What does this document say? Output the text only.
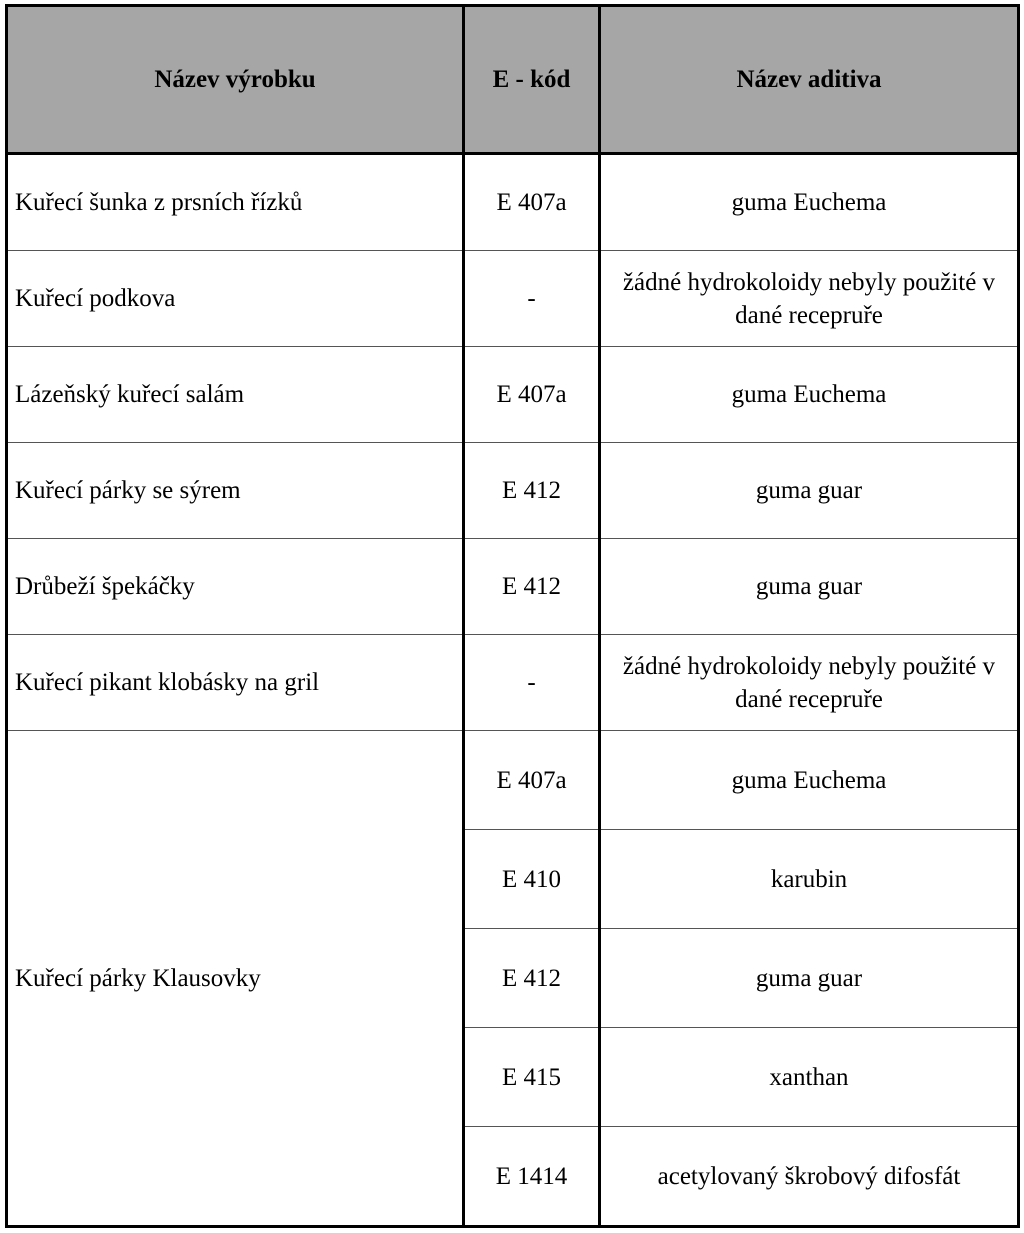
Název výrobku	E - kód	Název aditiva
Kuřecí šunka z prsních řízků	E 407a	guma Euchema
Kuřecí podkova	-	žádné hydrokoloidy nebyly použité v dané recepruře
Lázeňský kuřecí salám	E 407a	guma Euchema
Kuřecí párky se sýrem	E 412	guma guar
Drůbeží špekáčky	E 412	guma guar
Kuřecí pikant klobásky na gril	-	žádné hydrokoloidy nebyly použité v dané recepruře
Kuřecí párky Klausovky	E 407a	guma Euchema
	E 410	karubin
	E 412	guma guar
	E 415	xanthan
	E 1414	acetylovaný škrobový difosfát
